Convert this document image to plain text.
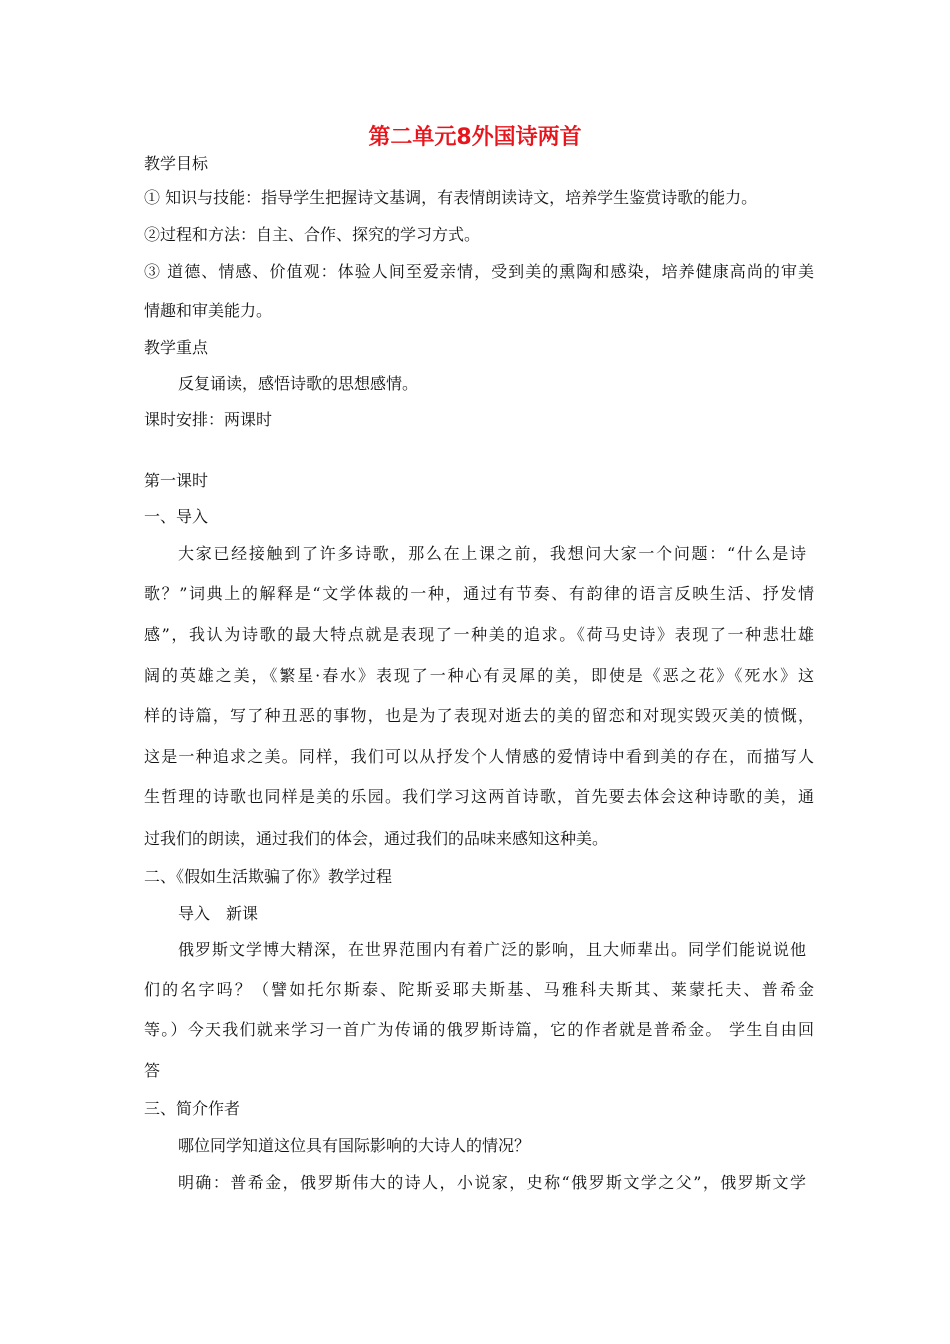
第二单元8外国诗两首

教学目标

① 知识与技能：指导学生把握诗文基调，有表情朗读诗文，培养学生鉴赏诗歌的能力。

②过程和方法：自主、合作、探究的学习方式。

③ 道德、情感、价值观：体验人间至爱亲情，受到美的熏陶和感染，培养健康高尚的审美

情趣和审美能力。

教学重点

反复诵读，感悟诗歌的思想感情。

课时安排：两课时

第一课时

一、导入

大家已经接触到了许多诗歌，那么在上课之前，我想问大家一个问题：“什么是诗

歌？”词典上的解释是“文学体裁的一种，通过有节奏、有韵律的语言反映生活、抒发情

感”，我认为诗歌的最大特点就是表现了一种美的追求。《荷马史诗》表现了一种悲壮雄

阔的英雄之美，《繁星·春水》表现了一种心有灵犀的美，即使是《恶之花》《死水》这

样的诗篇，写了种丑恶的事物，也是为了表现对逝去的美的留恋和对现实毁灭美的愤慨，

这是一种追求之美。同样，我们可以从抒发个人情感的爱情诗中看到美的存在，而描写人

生哲理的诗歌也同样是美的乐园。我们学习这两首诗歌，首先要去体会这种诗歌的美，通

过我们的朗读，通过我们的体会，通过我们的品味来感知这种美。

二、《假如生活欺骗了你》教学过程

导入　新课

俄罗斯文学博大精深，在世界范围内有着广泛的影响，且大师辈出。同学们能说说他

们的名字吗？（譬如托尔斯泰、陀斯妥耶夫斯基、马雅科夫斯其、莱蒙托夫、普希金

等。）今天我们就来学习一首广为传诵的俄罗斯诗篇，它的作者就是普希金。 学生自由回

答

三、简介作者

哪位同学知道这位具有国际影响的大诗人的情况？

明确：普希金，俄罗斯伟大的诗人，小说家，史称“俄罗斯文学之父”，俄罗斯文学
